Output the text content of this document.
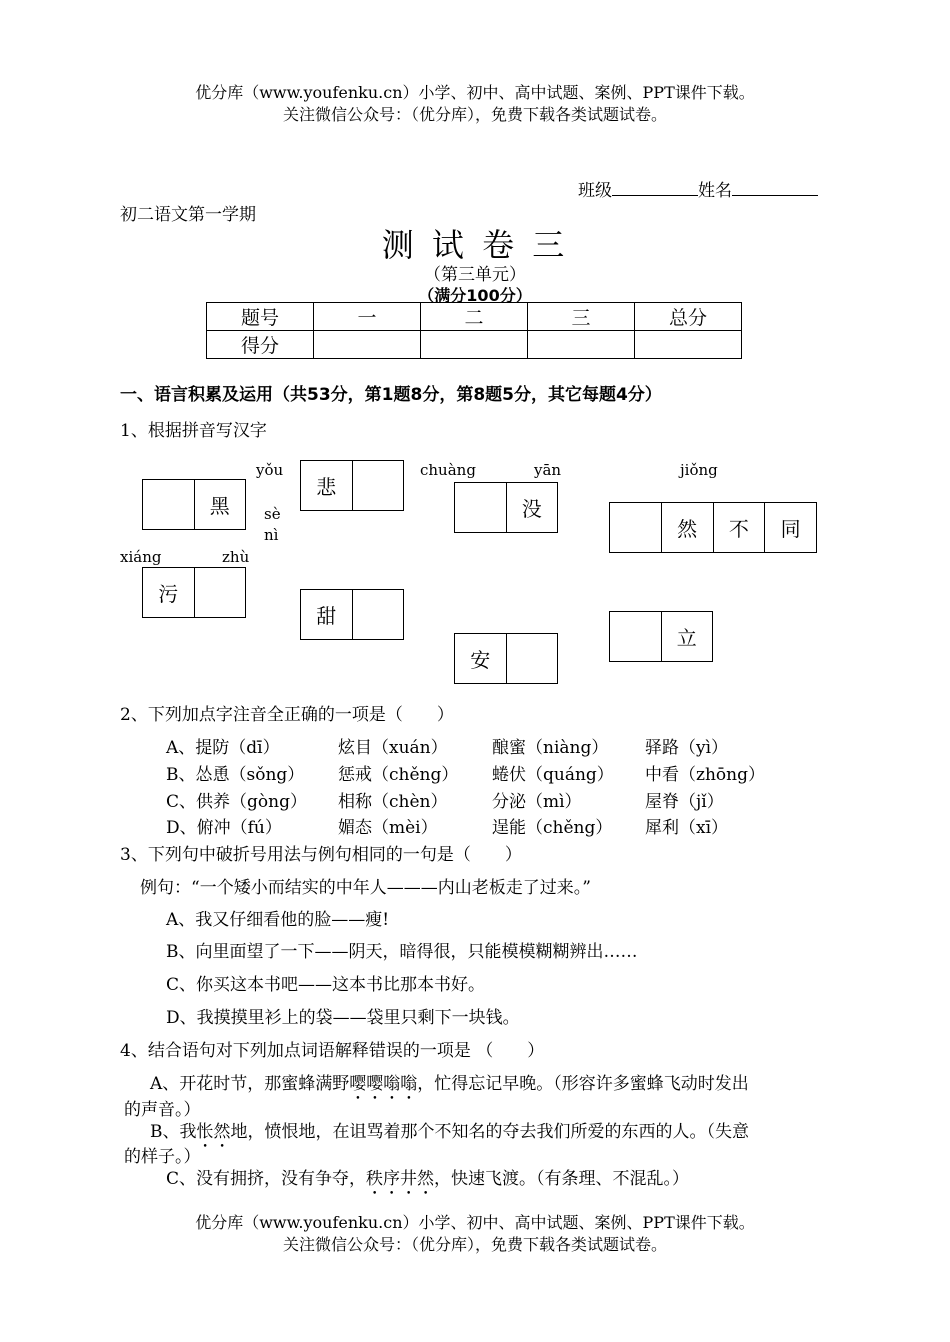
优分库（www.youfenku.cn）小学、初中、高中试题、案例、PPT课件下载。
关注微信公众号：（优分库），免费下载各类试题试卷。
班级	姓名
初二语文第一学期
测 试 卷 三
（第三单元）
（满分100分）
题号	一	二	三	总分
得分				
一、语言积累及运用（共53分，第1题8分，第8题5分，其它每题4分）
1、根据拼音写汉字
yǒu
sè
nì
chuàng	yān	jiǒng
xiáng	zhù
黑
悲
没
然	不	同
污
甜
安
立
2、下列加点字注音全正确的一项是（　　）
A、提防（dī）	炫目（xuán）	酿蜜（niàng） 驿路（yì）
B、怂恿（sǒng） 惩戒（chěng） 蜷伏（quáng） 中看（zhōng）
C、供养（gòng） 相称（chèn）	分泌（mì）	屋脊（jǐ）
D、俯冲（fú）	媚态（mèi）	逞能（chěng） 犀利（xī）
3、下列句中破折号用法与例句相同的一句是（　　）
例句：“一个矮小而结实的中年人———内山老板走了过来。”
A、我又仔细看他的脸——瘦!
B、向里面望了一下——阴天，暗得很，只能模模糊糊辨出……
C、你买这本书吧——这本书比那本书好。
D、我摸摸里衫上的袋——袋里只剩下一块钱。
4、结合语句对下列加点词语解释错误的一项是 （　　）
A、开花时节，那蜜蜂满野嘤嘤嗡嗡，忙得忘记早晚。（形容许多蜜蜂飞动时发出
的声音。）
B、我怅然地，愤恨地，在诅骂着那个不知名的夺去我们所爱的东西的人。（失意
的样子。）
C、没有拥挤，没有争夺，秩序井然，快速飞渡。（有条理、不混乱。）
优分库（www.youfenku.cn）小学、初中、高中试题、案例、PPT课件下载。
关注微信公众号：（优分库），免费下载各类试题试卷。
